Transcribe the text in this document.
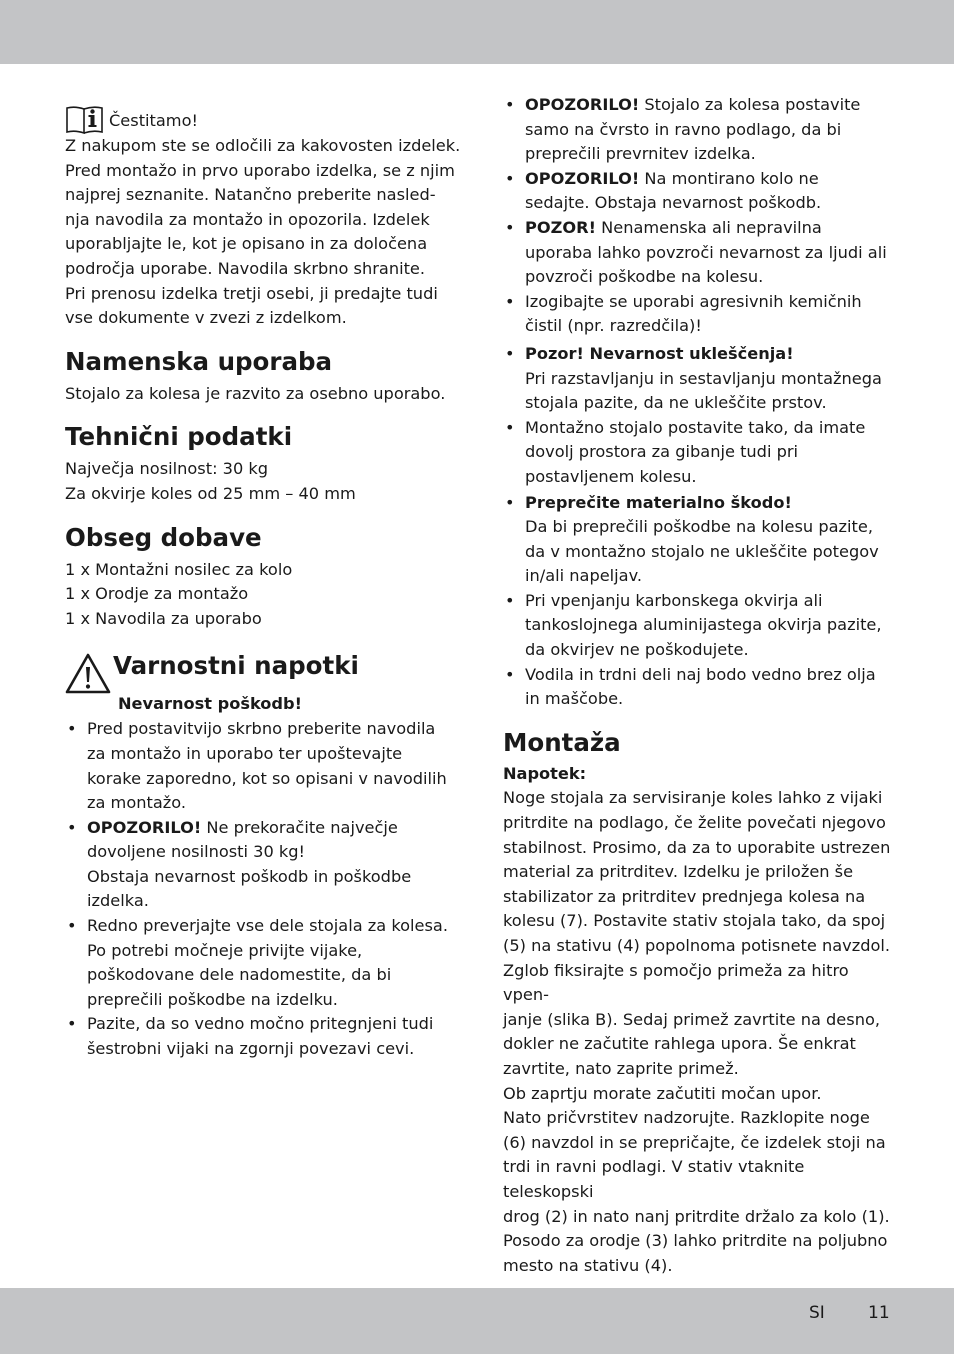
Čestitamo!

Z nakupom ste se odločili za kakovosten izdelek.
Pred montažo in prvo uporabo izdelka, se z njim
najprej seznanite. Natančno preberite nasled-
nja navodila za montažo in opozorila. Izdelek
uporabljajte le, kot je opisano in za določena
področja uporabe. Navodila skrbno shranite.
Pri prenosu izdelka tretji osebi, ji predajte tudi
vse dokumente v zvezi z izdelkom.

Namenska uporaba

Stojalo za kolesa je razvito za osebno uporabo.

Tehnični podatki

Največja nosilnost: 30 kg

Za okvirje koles od 25 mm – 40 mm

Obseg dobave

1 x Montažni nosilec za kolo

1 x Orodje za montažo

1 x Navodila za uporabo

Varnostni napotki

Nevarnost poškodb!

• Pred postavitvijo skrbno preberite navodila
za montažo in uporabo ter upoštevajte
korake zaporedno, kot so opisani v navodilih
za montažo.
• OPOZORILO! Ne prekoračite največje
dovoljene nosilnosti 30 kg!
Obstaja nevarnost poškodb in poškodbe
izdelka.
• Redno preverjajte vse dele stojala za kolesa.
Po potrebi močneje privijte vijake,
poškodovane dele nadomestite, da bi
preprečili poškodbe na izdelku.
• Pazite, da so vedno močno pritegnjeni tudi
šestrobni vijaki na zgornji povezavi cevi.
• OPOZORILO! Stojalo za kolesa postavite
samo na čvrsto in ravno podlago, da bi
preprečili prevrnitev izdelka.
• OPOZORILO! Na montirano kolo ne
sedajte. Obstaja nevarnost poškodb.
• POZOR! Nenamenska ali nepravilna
uporaba lahko povzroči nevarnost za ljudi ali
povzroči poškodbe na kolesu.
• Izogibajte se uporabi agresivnih kemičnih
čistil (npr. razredčila)!
• Pozor! Nevarnost ukleščenja!
Pri razstavljanju in sestavljanju montažnega
stojala pazite, da ne ukleščite prstov.
• Montažno stojalo postavite tako, da imate
dovolj prostora za gibanje tudi pri
postavljenem kolesu.
• Preprečite materialno škodo!
Da bi preprečili poškodbe na kolesu pazite,
da v montažno stojalo ne ukleščite potegov
in/ali napeljav.
• Pri vpenjanju karbonskega okvirja ali
tankoslojnega aluminijastega okvirja pazite,
da okvirjev ne poškodujete.
• Vodila in trdni deli naj bodo vedno brez olja
in maščobe.
Montaža

Napotek:

Noge stojala za servisiranje koles lahko z vijaki
pritrdite na podlago, če želite povečati njegovo
stabilnost. Prosimo, da za to uporabite ustrezen
material za pritrditev. Izdelku je priložen še
stabilizator za pritrditev prednjega kolesa na
kolesu (7). Postavite stativ stojala tako, da spoj
(5) na stativu (4) popolnoma potisnete navzdol.
Zglob fiksirajte s pomočjo primeža za hitro vpen-
janje (slika B). Sedaj primež zavrtite na desno,
dokler ne začutite rahlega upora. Še enkrat
zavrtite, nato zaprite primež.
Ob zaprtju morate začutiti močan upor.
Nato pričvrstitev nadzorujte. Razklopite noge
(6) navzdol in se prepričajte, če izdelek stoji na
trdi in ravni podlagi. V stativ vtaknite teleskopski
drog (2) in nato nanj pritrdite držalo za kolo (1).
Posodo za orodje (3) lahko pritrdite na poljubno
mesto na stativu (4).

SI	11
